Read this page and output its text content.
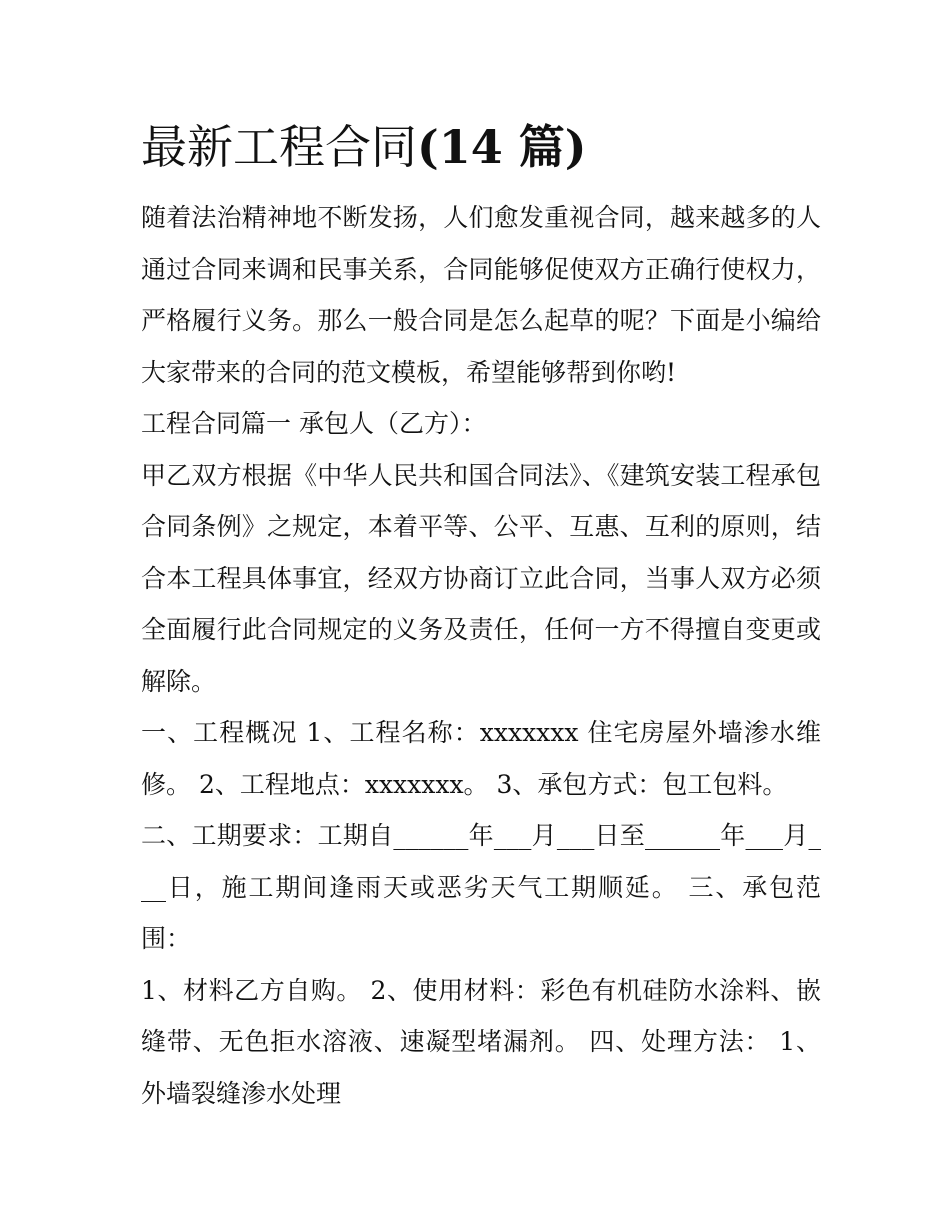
最新工程合同(14 篇)

随着法治精神地不断发扬，人们愈发重视合同，越来越多的人通过合同来调和民事关系，合同能够促使双方正确行使权力，严格履行义务。那么一般合同是怎么起草的呢？下面是小编给大家带来的合同的范文模板，希望能够帮到你哟!

工程合同篇一 承包人（乙方）：

甲乙双方根据《中华人民共和国合同法》、《建筑安装工程承包合同条例》之规定，本着平等、公平、互惠、互利的原则，结合本工程具体事宜，经双方协商订立此合同，当事人双方必须全面履行此合同规定的义务及责任，任何一方不得擅自变更或解除。

一、工程概况 1、工程名称：xxxxxxx 住宅房屋外墙渗水维修。 2、工程地点：xxxxxxx。 3、承包方式：包工包料。

二、工期要求：工期自______年___月___日至______年___月___日，施工期间逢雨天或恶劣天气工期顺延。 三、承包范围：

1、材料乙方自购。 2、使用材料：彩色有机硅防水涂料、嵌缝带、无色拒水溶液、速凝型堵漏剂。 四、处理方法： 1、外墙裂缝渗水处理
